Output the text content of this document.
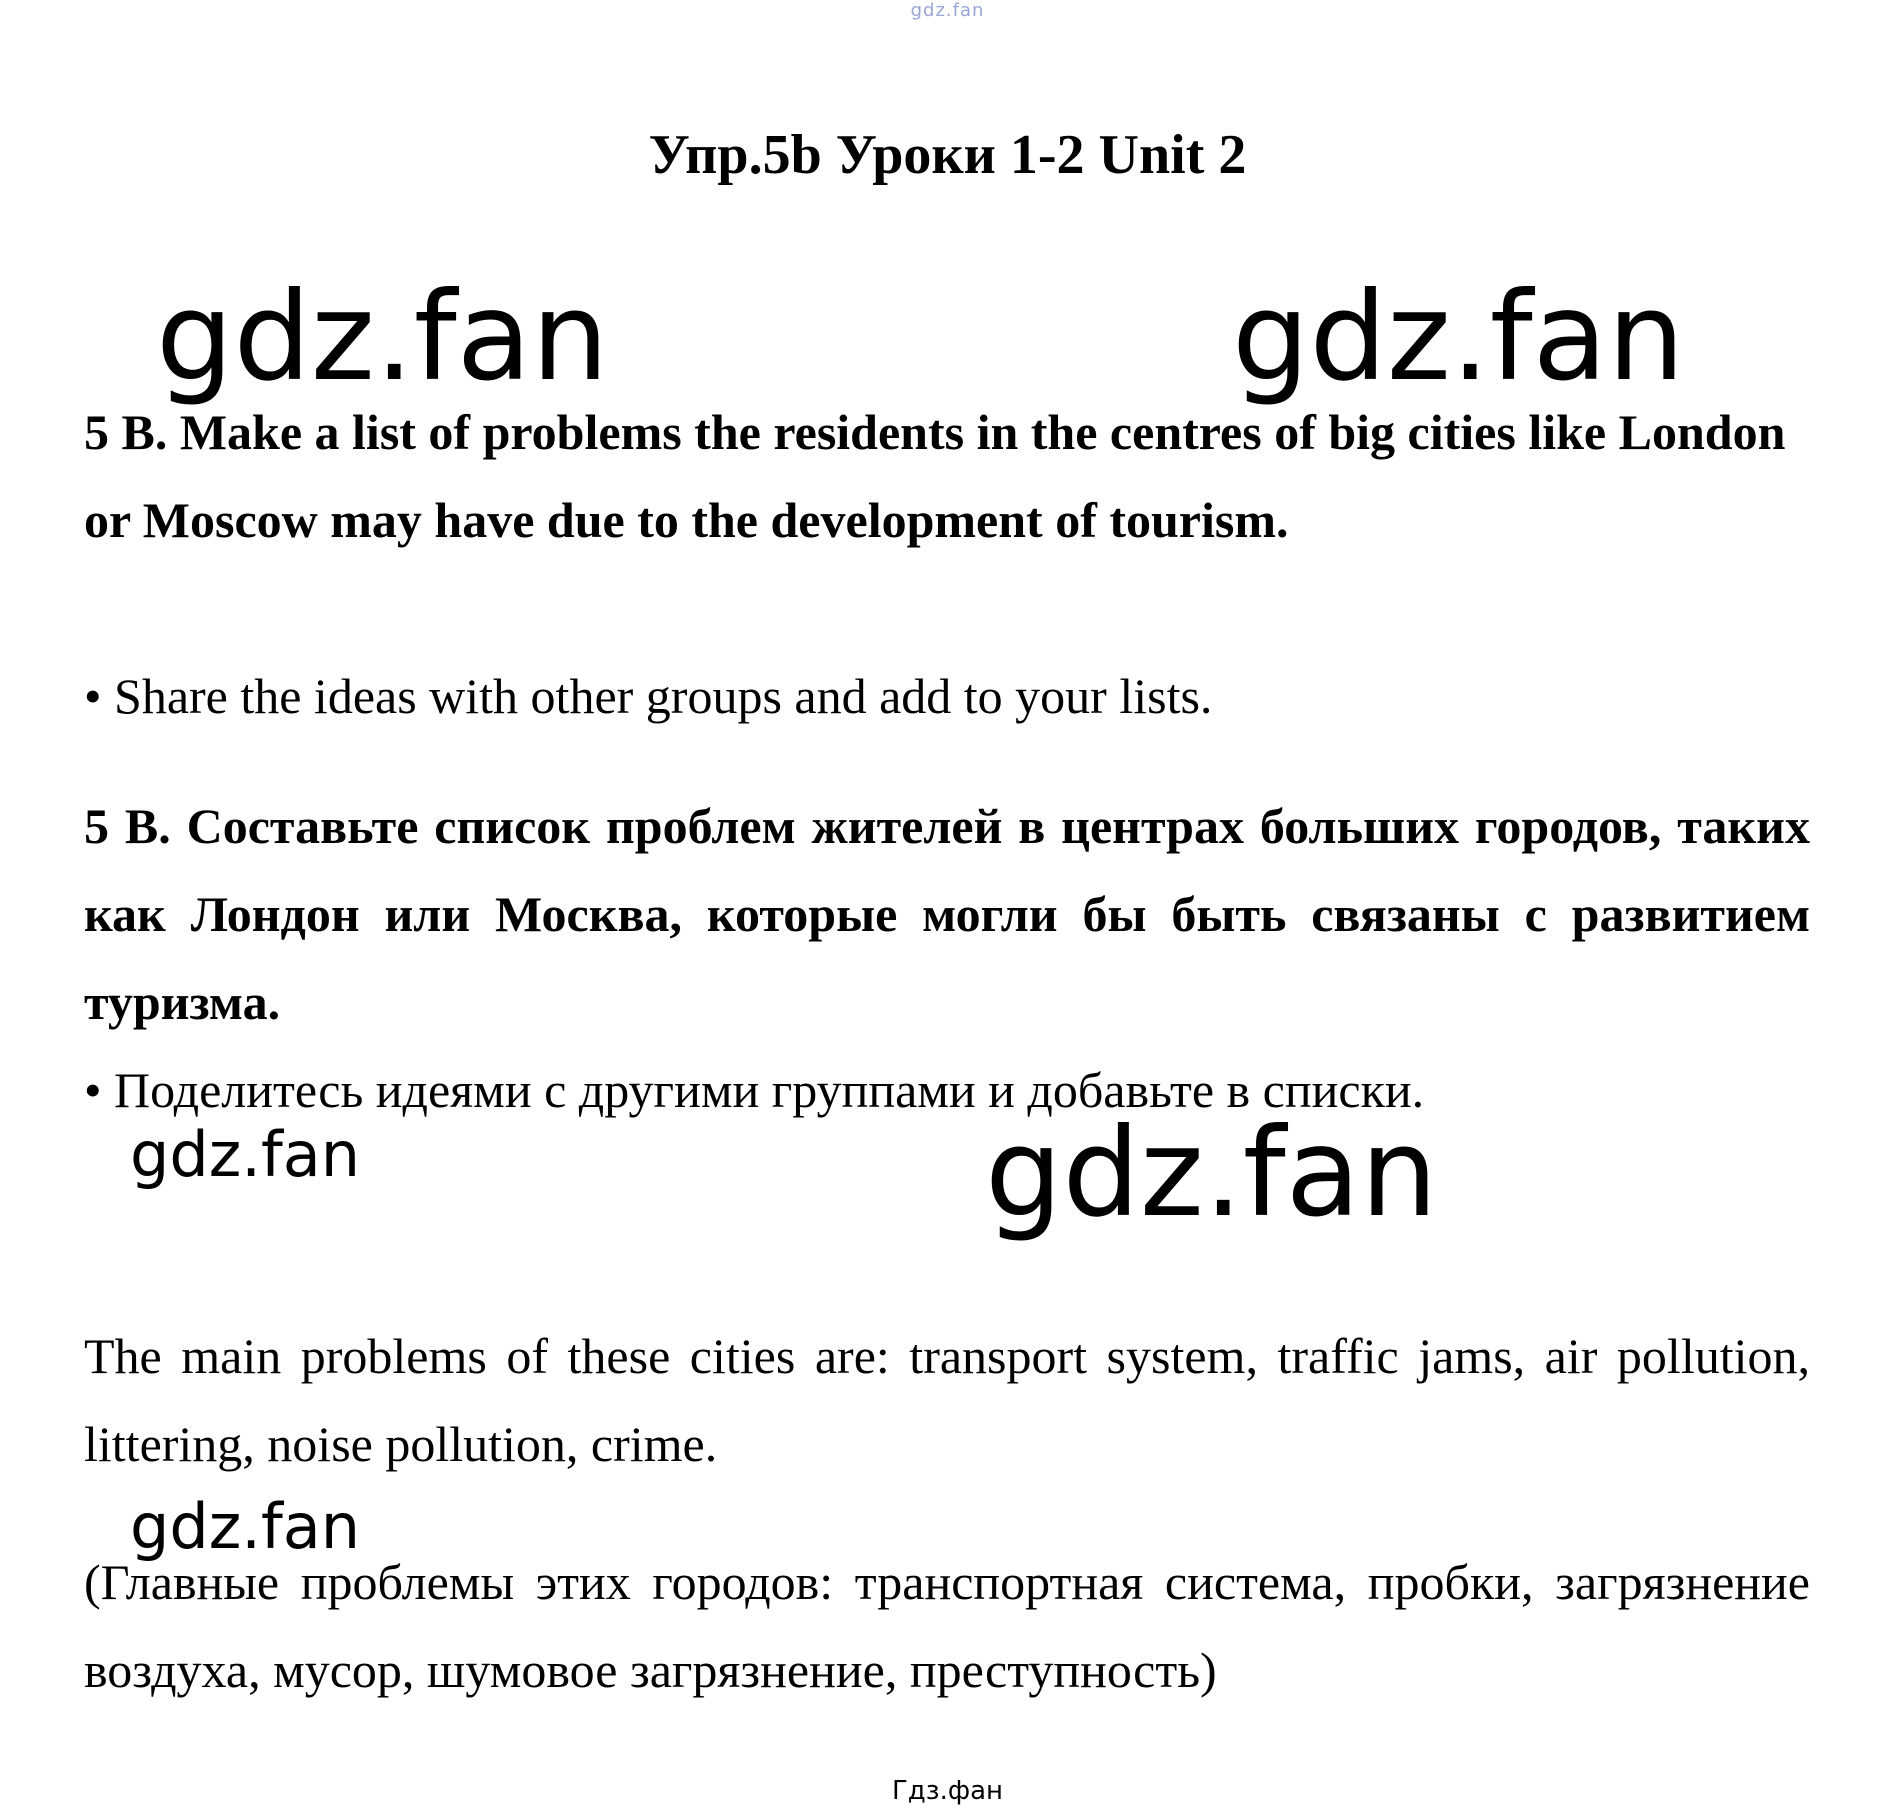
gdz.fan
Упр.5b Уроки 1-2 Unit 2
gdz.fan	gdz.fan

5 B. Make a list of problems the residents in the centres of big cities like London or Moscow may have due to the development of tourism.

• Share the ideas with other groups and add to your lists.

5 B. Составьте список проблем жителей в центрах больших городов, таких как Лондон или Москва, которые могли бы быть связаны с развитием туризма.

• Поделитесь идеями с другими группами и добавьте в списки.

gdz.fan	gdz.fan

The main problems of these cities are: transport system, traffic jams, air pollution, littering, noise pollution, crime.

gdz.fan

(Главные проблемы этих городов: транспортная система, пробки, загрязнение воздуха, мусор, шумовое загрязнение, преступность)

Гдз.фан
